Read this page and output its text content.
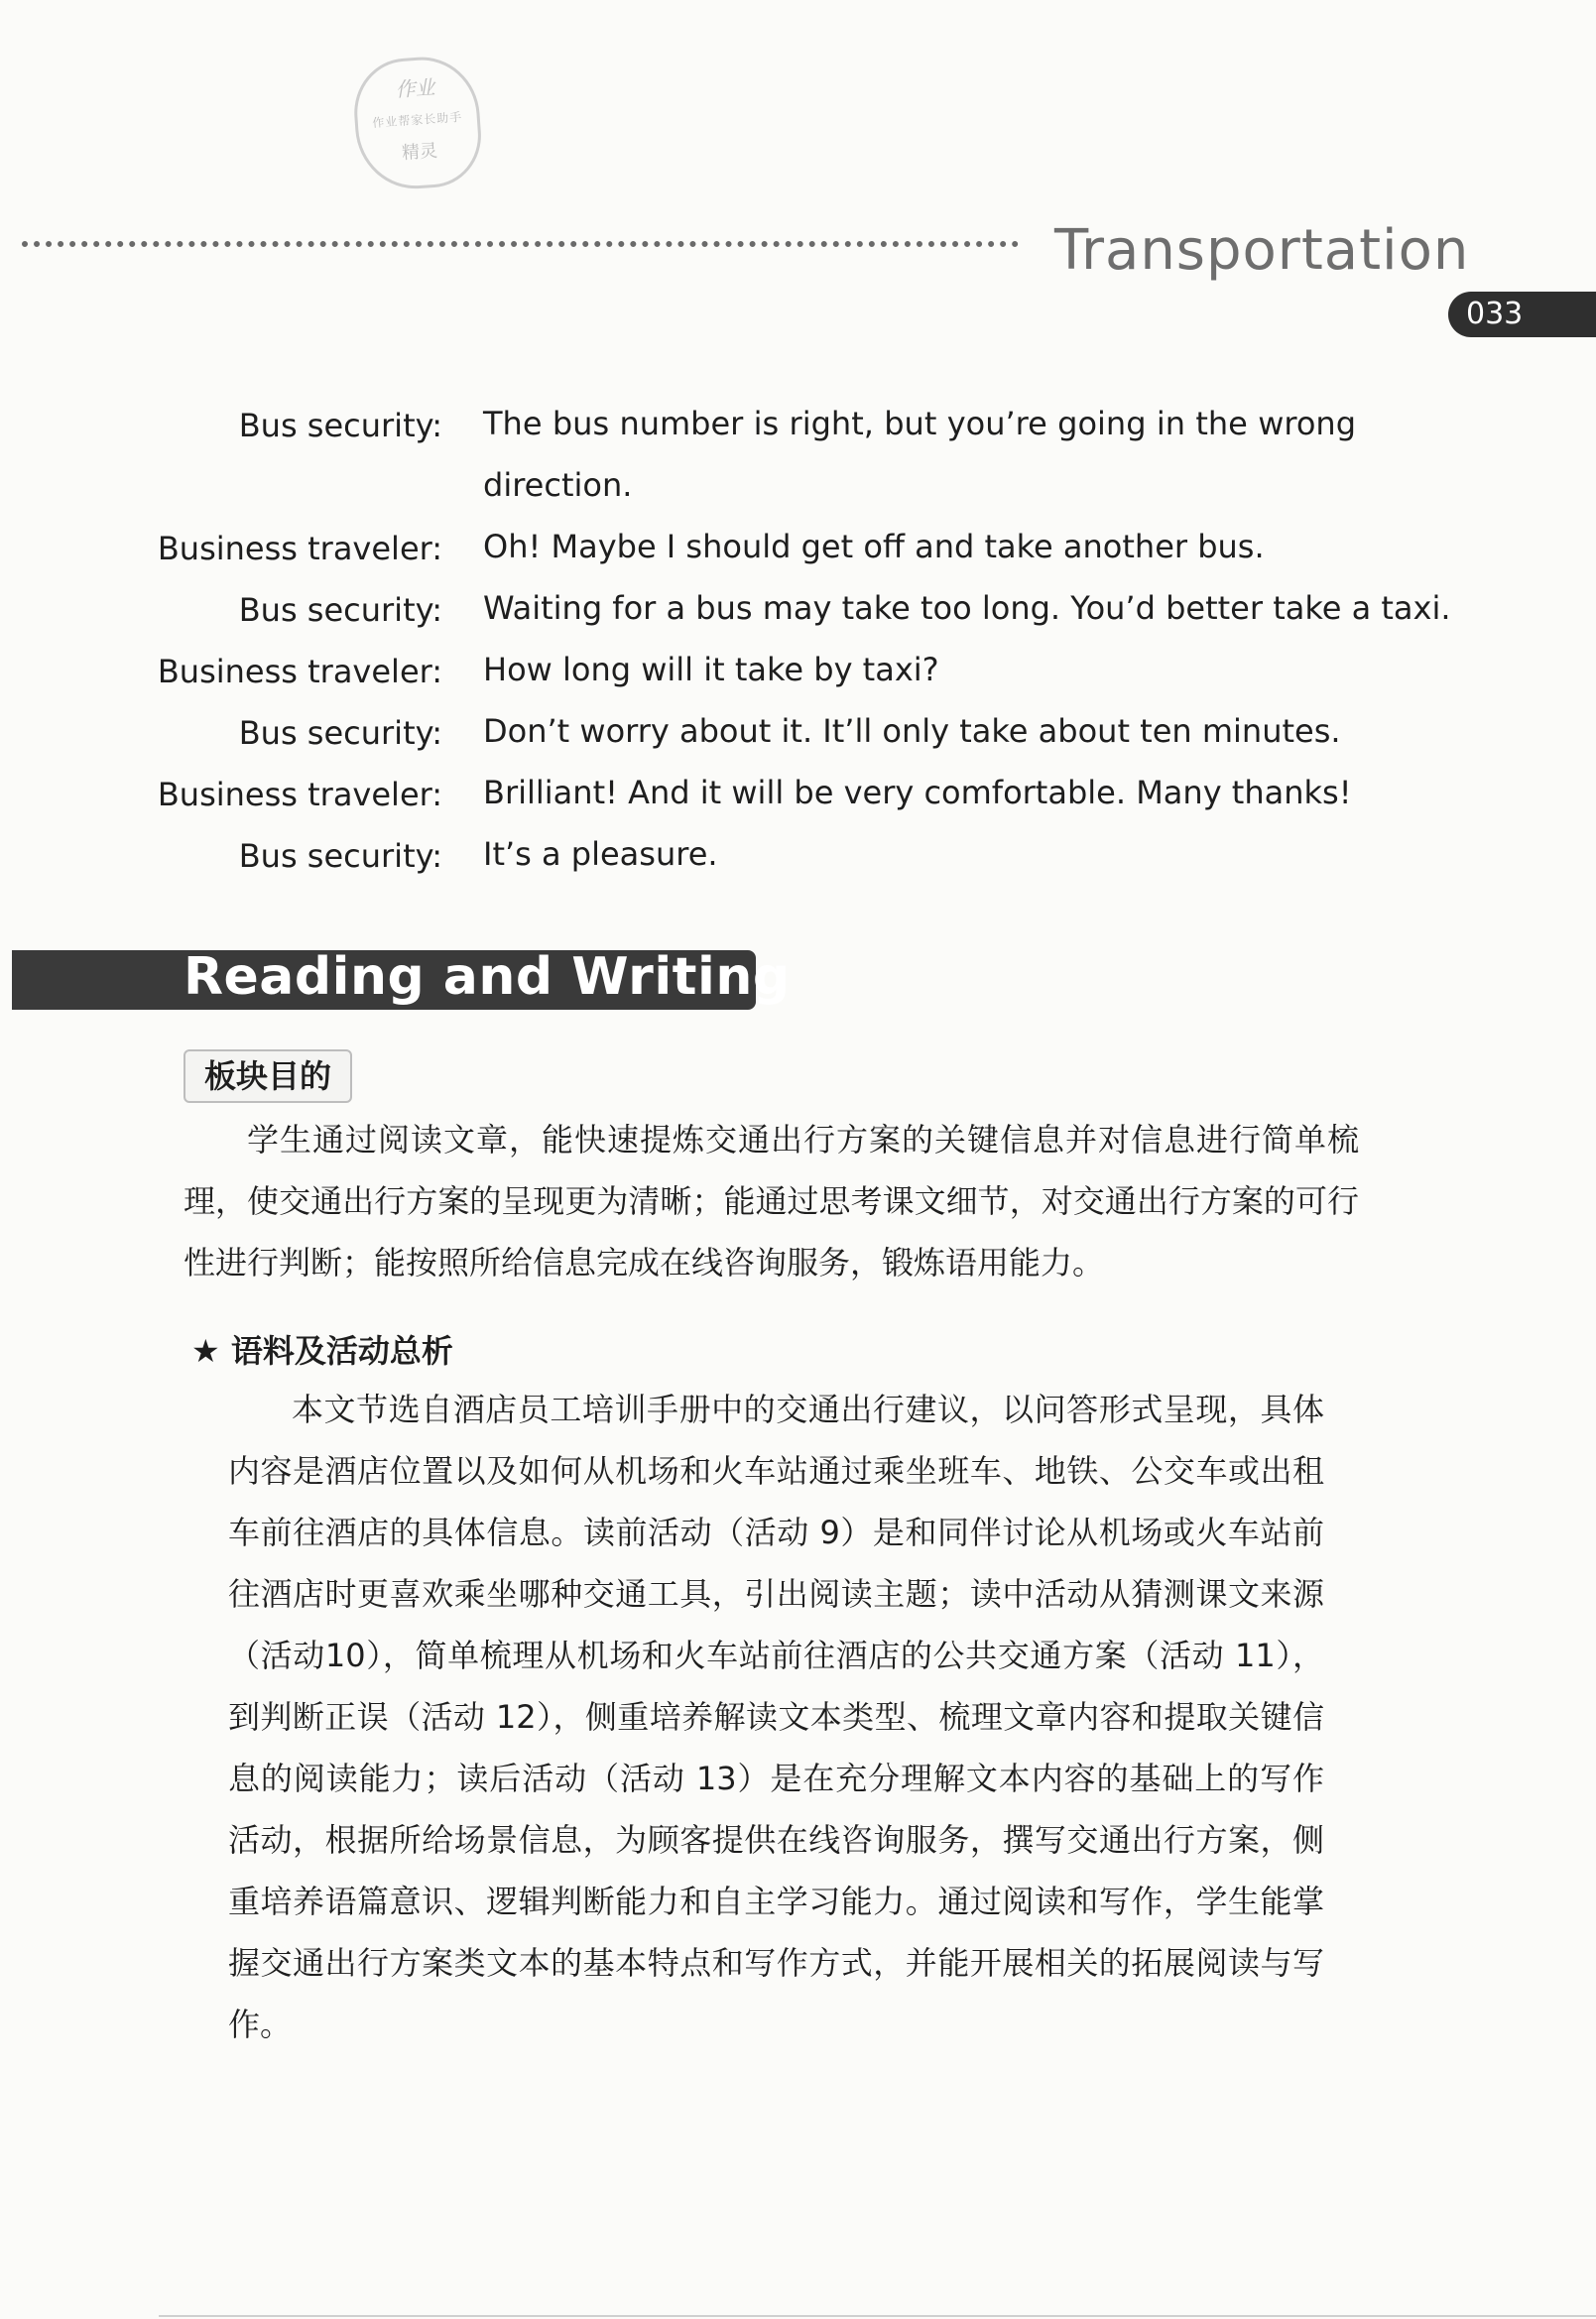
作业
作业帮家长助手
精灵
Transportation
033
Bus security: The bus number is right, but you’re going in the wrong direction.
Business traveler: Oh! Maybe I should get off and take another bus.
Bus security: Waiting for a bus may take too long. You’d better take a taxi.
Business traveler: How long will it take by taxi?
Bus security: Don’t worry about it. It’ll only take about ten minutes.
Business traveler: Brilliant! And it will be very comfortable. Many thanks!
Bus security: It’s a pleasure.
Reading and Writing
板块目的
学生通过阅读文章，能快速提炼交通出行方案的关键信息并对信息进行简单梳理，使交通出行方案的呈现更为清晰；能通过思考课文细节，对交通出行方案的可行性进行判断；能按照所给信息完成在线咨询服务，锻炼语用能力。
★ 语料及活动总析
本文节选自酒店员工培训手册中的交通出行建议，以问答形式呈现，具体内容是酒店位置以及如何从机场和火车站通过乘坐班车、地铁、公交车或出租车前往酒店的具体信息。读前活动（活动 9）是和同伴讨论从机场或火车站前往酒店时更喜欢乘坐哪种交通工具，引出阅读主题；读中活动从猜测课文来源（活动10），简单梳理从机场和火车站前往酒店的公共交通方案（活动 11），到判断正误（活动 12），侧重培养解读文本类型、梳理文章内容和提取关键信息的阅读能力；读后活动（活动 13）是在充分理解文本内容的基础上的写作活动，根据所给场景信息，为顾客提供在线咨询服务，撰写交通出行方案，侧重培养语篇意识、逻辑判断能力和自主学习能力。通过阅读和写作，学生能掌握交通出行方案类文本的基本特点和写作方式，并能开展相关的拓展阅读与写作。
